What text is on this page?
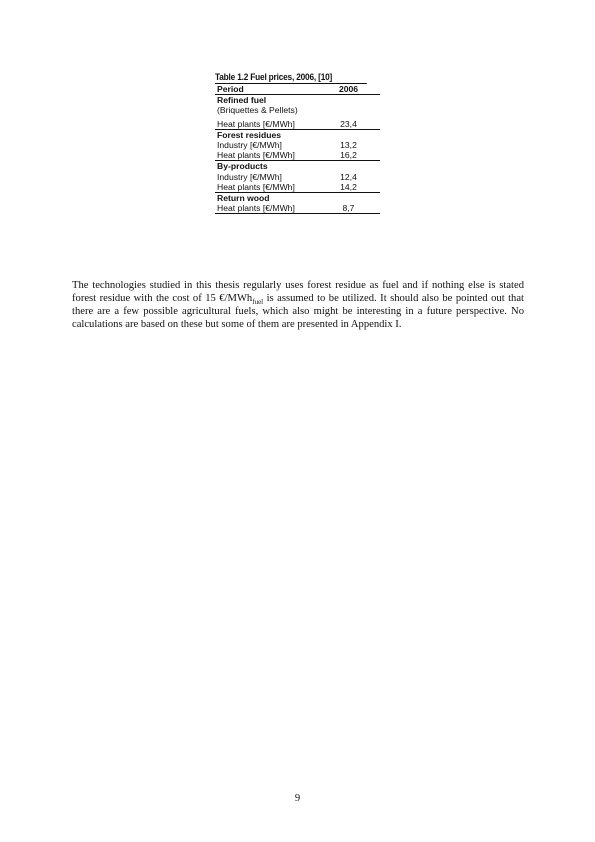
Table 1.2 Fuel prices, 2006, [10]
Period	2006
Refined fuel	
(Briquettes & Pellets)	
Heat plants [€/MWh]	23,4
Forest residues	
Industry [€/MWh]	13,2
Heat plants [€/MWh]	16,2
By-products	
Industry [€/MWh]	12,4
Heat plants [€/MWh]	14,2
Return wood	
Heat plants [€/MWh]	8,7

The technologies studied in this thesis regularly uses forest residue as fuel and if nothing else is stated forest residue with the cost of 15 €/MWh$_{fuel}$ is assumed to be utilized. It should also be pointed out that there are a few possible agricultural fuels, which also might be interesting in a future perspective. No calculations are based on these but some of them are presented in Appendix I.

9
